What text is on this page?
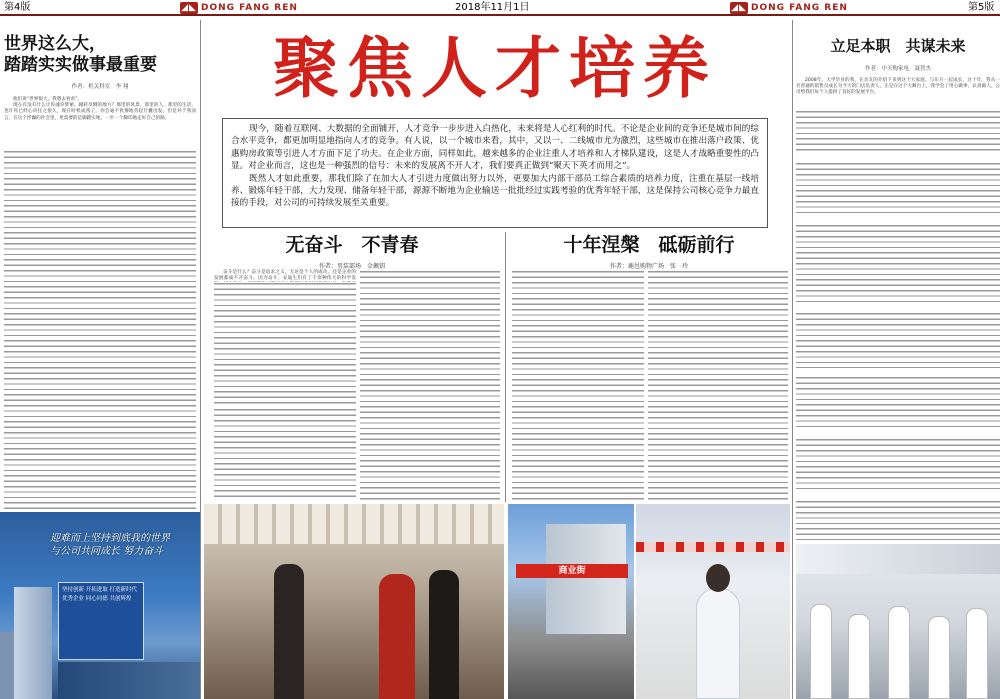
第4版	◢◣ DONG FANG REN	2018年11月1日	◢◣ DONG FANG REN	第5版
世界这么大，
踏踏实实做事最重要
作者：机关科室　李 翔
他们说“世界很大，我想去看看”。
现在有没有什么让你魂牵梦萦、辗转反侧的地方？那里的风景、那里的人、那里的生活，也许你已经心向往之很久，现在时机成熟了，你会毫不犹豫地背起行囊出发。但是对于我而言，在这个浮躁的社会里，更需要的是脚踏实地，一步一个脚印地走好自己的路。
迎难而上坚持到底我的世界
与公司共同成长 努力奋斗
坚持创新 开拓进取 打造新时代优秀企业 同心同德 共创辉煌
聚焦人才培养

现今，随着互联网、大数据的全面铺开，人才竞争一步步进入白热化，未来将是人心红利的时代。不论是企业间的竞争还是城市间的综合水平竞争，都更加明显地指向人才的竞争。有人说，以一个城市来看，其中，又以一、二线城市尤为激烈，这些城市在推出落户政策、优惠购房政策等引进人才方面下足了功夫。在企业方面，同样如此，越来越多的企业注重人才培养和人才梯队建设，这是人才战略重要性的凸显。对企业而言，这也是一种强烈的信号：未来的发展离不开人才，我们要真正做到“聚天下英才而用之”。

既然人才如此重要，那我们除了在加大人才引进力度做出努力以外，更要加大内部干部员工综合素质的培养力度，注重在基层一线培养、锻炼年轻干部，大力发现、储备年轻干部，源源不断地为企业输送一批批经过实践考验的优秀年轻干部，这是保持公司核心竞争力最直接的手段，对公司的可持续发展至关重要。

无奋斗　不青春
作者：男装部场　金佩钥
十年涅槃　砥砺前行
作者：鹿邑购物广场　张　玲
奋斗是什么？奋斗是追求之义，无论是个人的成功，还是企业的发展都离不开奋斗。因为奋斗，安迪生们有了千余种伟大的科学发
商业街
立足本职　共谋未来
作者：中天购家电　聂智杰
2008年，大学毕业的我，在亲友的介绍下来到这个大家庭。与东方一起成长，这十年，我从一名普通的销售员成长为今天的门店负责人，正是在这个大舞台上，我学会了用心做事、认真做人。公司给我们每个人提供了良好的发展平台。
